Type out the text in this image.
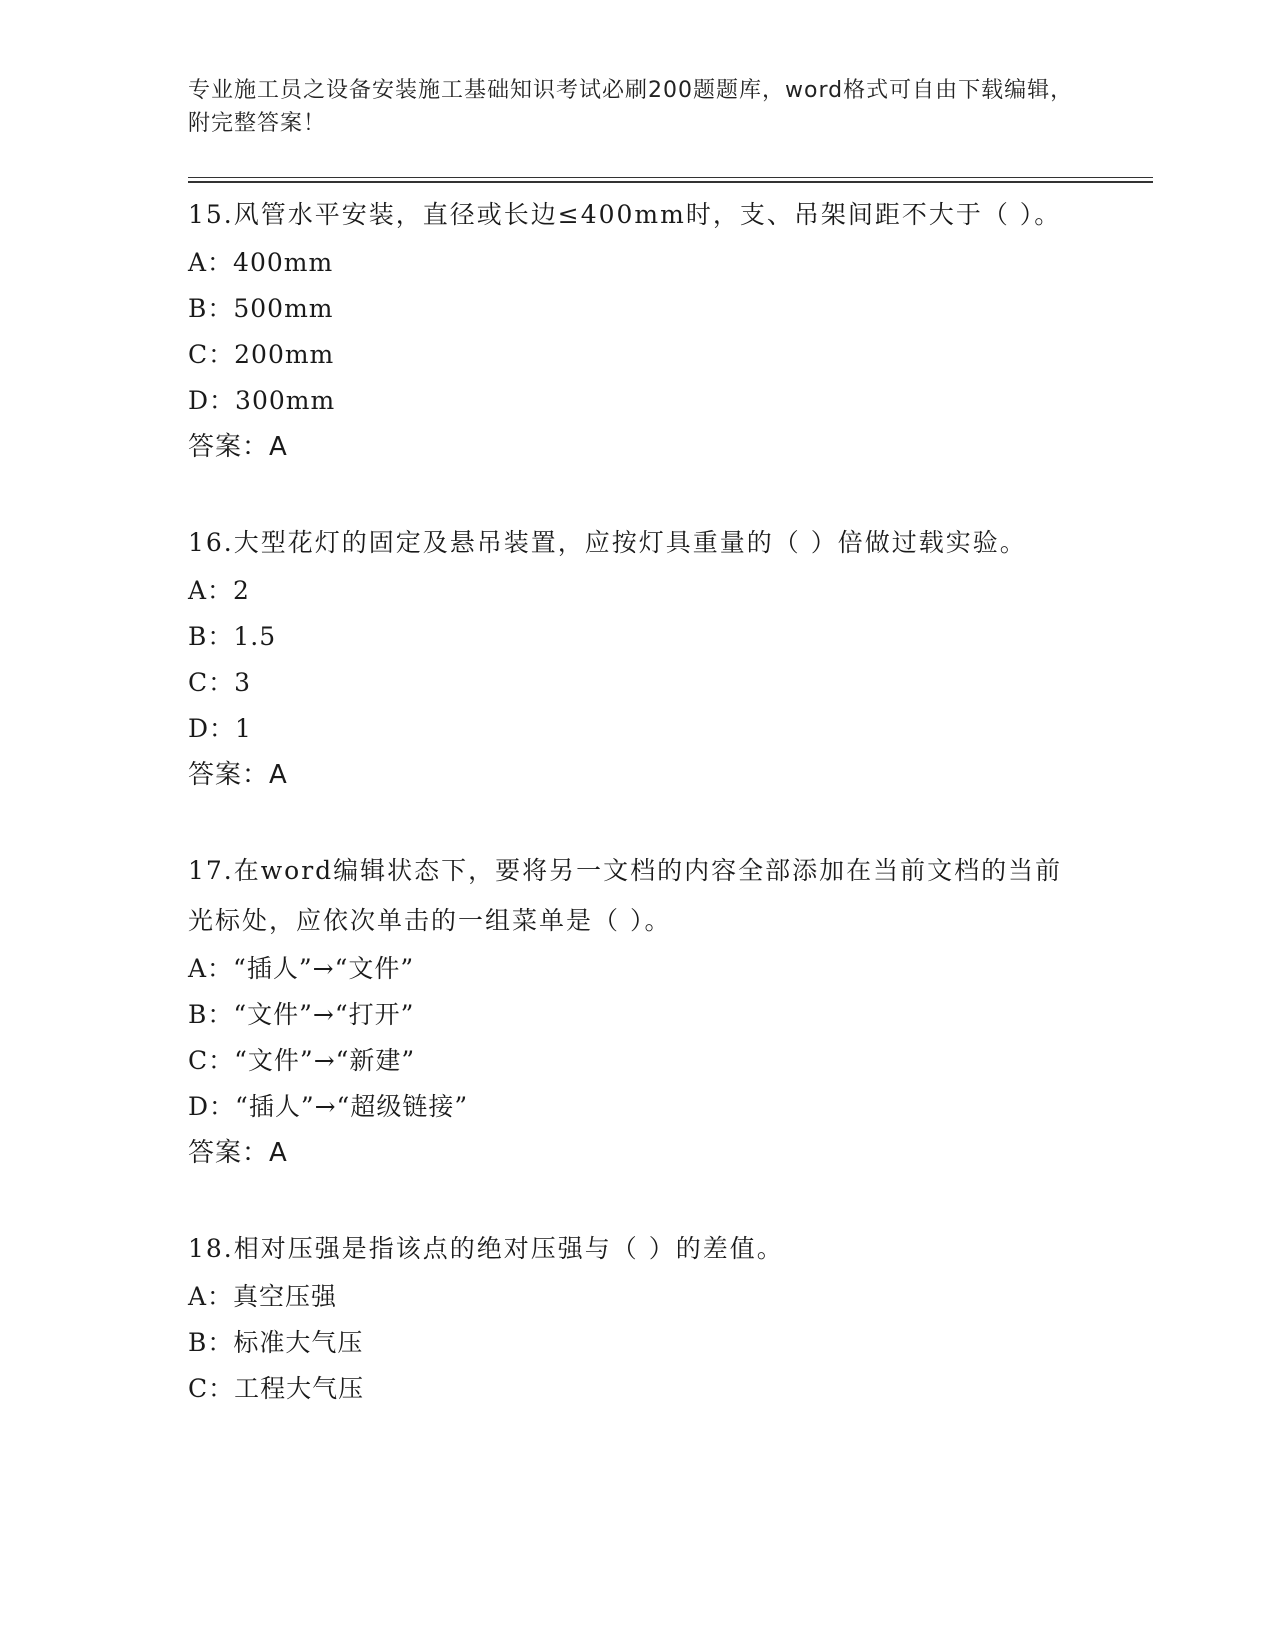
专业施工员之设备安装施工基础知识考试必刷200题题库，word格式可自由下载编辑，附完整答案！
15.风管水平安装，直径或长边≤400mm时，支、吊架间距不大于（ ）。
A：400mm
B：500mm
C：200mm
D：300mm
答案：A
16.大型花灯的固定及悬吊装置，应按灯具重量的（ ）倍做过载实验。
A：2
B：1.5
C：3
D：1
答案：A
17.在word编辑状态下，要将另一文档的内容全部添加在当前文档的当前光标处，应依次单击的一组菜单是（ ）。
A：“插人”→“文件”
B：“文件”→“打开”
C：“文件”→“新建”
D：“插人”→“超级链接”
答案：A
18.相对压强是指该点的绝对压强与（ ）的差值。
A：真空压强
B：标准大气压
C：工程大气压
